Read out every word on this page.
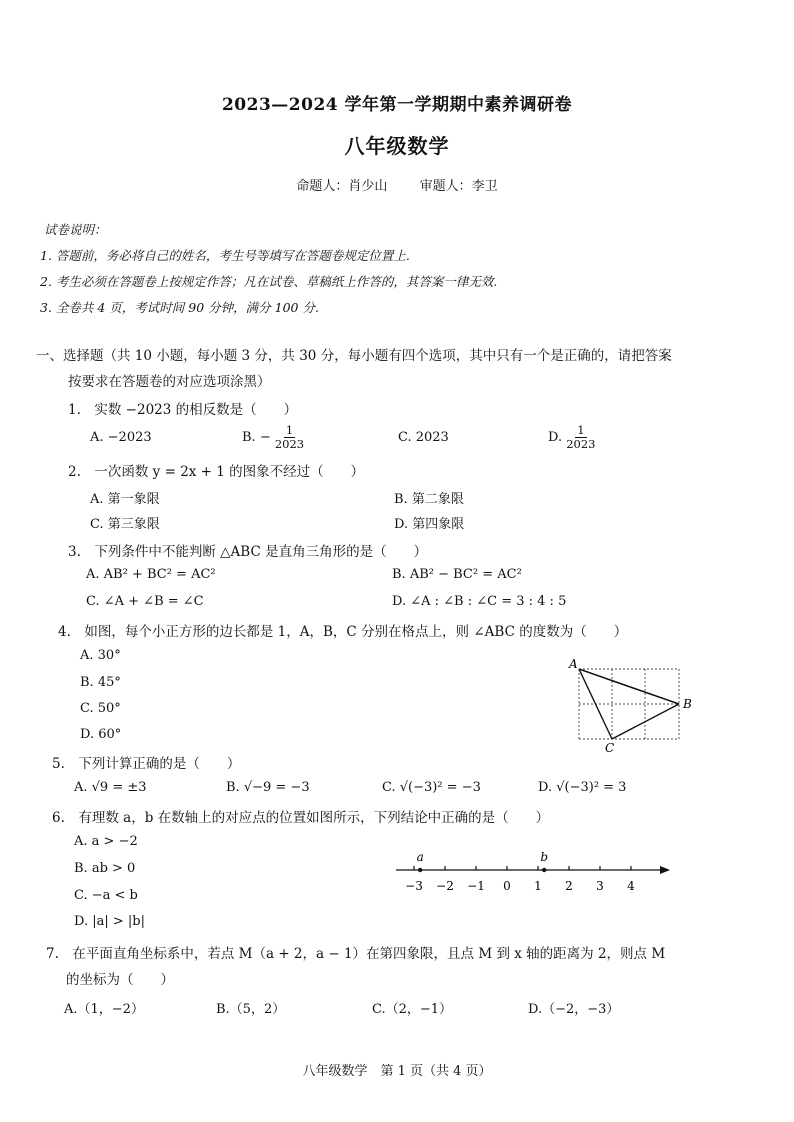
2023—2024 学年第一学期期中素养调研卷
八年级数学
命题人：肖少山 审题人：李卫
试卷说明：
1. 答题前，务必将自己的姓名，考生号等填写在答题卷规定位置上.
2. 考生必须在答题卷上按规定作答；凡在试卷、草稿纸上作答的，其答案一律无效.
3. 全卷共 4 页，考试时间 90 分钟，满分 100 分.
一、选择题（共 10 小题，每小题 3 分，共 30 分，每小题有四个选项，其中只有一个是正确的，请把答案
按要求在答题卷的对应选项涂黑）
1.　实数 −2023 的相反数是（　　）
A. −2023	B. − $\frac{1}{2023}$	C. 2023	D. $\frac{1}{2023}$
2.　一次函数 y = 2x + 1 的图象不经过（　　）
A. 第一象限	B. 第二象限
C. 第三象限	D. 第四象限
3.　下列条件中不能判断 △ABC 是直角三角形的是（　　）
A. AB² + BC² = AC²	B. AB² − BC² = AC²
C. ∠A + ∠B = ∠C	D. ∠A : ∠B : ∠C = 3 : 4 : 5
4.　如图，每个小正方形的边长都是 1，A，B，C 分别在格点上，则 ∠ABC 的度数为（　　）
A. 30°
B. 45°
C. 50°
D. 60°
A
B
C
5.　下列计算正确的是（　　）
A. √9 = ±3	B. √−9 = −3	C. √(−3)² = −3	D. √(−3)² = 3
6.　有理数 a，b 在数轴上的对应点的位置如图所示，下列结论中正确的是（　　）
A. a > −2
B. ab > 0
C. −a < b
D. |a| > |b|
−3 −2 −1 0 1 2 3 4
a	b
7.　在平面直角坐标系中，若点 M（a + 2，a − 1）在第四象限，且点 M 到 x 轴的距离为 2，则点 M
的坐标为（　　）
A.（1，−2）	B.（5，2）	C.（2，−1）	D.（−2，−3）
八年级数学　第 1 页（共 4 页）
